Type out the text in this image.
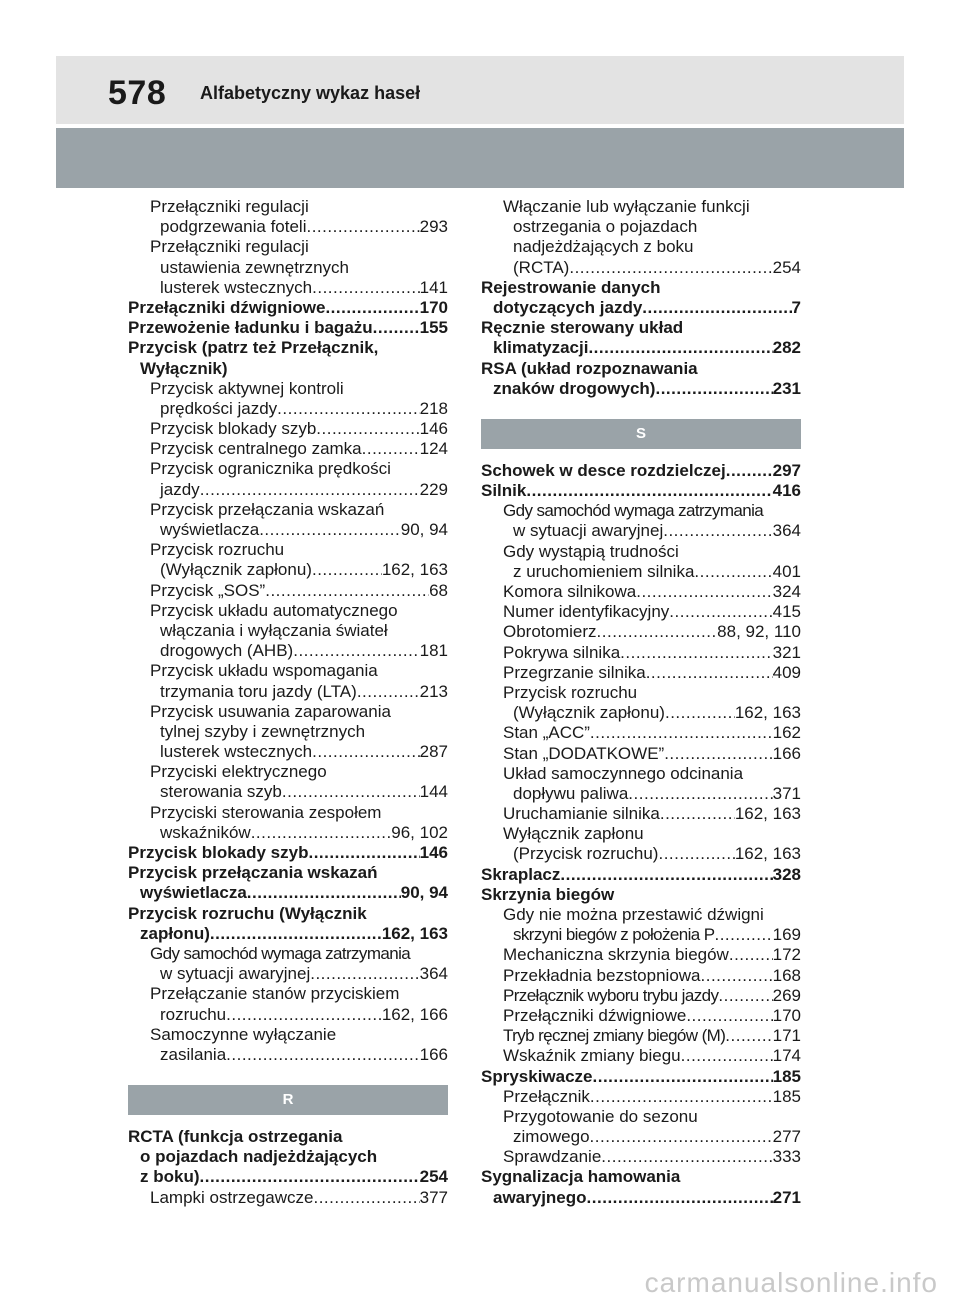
578 Alfabetyczny wykaz haseł
Przełączniki regulacji
podgrzewania foteli .....	293
Przełączniki regulacji
ustawienia zewnętrznych
lusterek wstecznych .....	141
Przełączniki dźwigniowe .....	170
Przewożenie ładunku i bagażu .....	155
Przycisk (patrz też Przełącznik,
Wyłącznik)
Przycisk aktywnej kontroli
prędkości jazdy .....	218
Przycisk blokady szyb .....	146
Przycisk centralnego zamka .....	124
Przycisk ogranicznika prędkości
jazdy .....	229
Przycisk przełączania wskazań
wyświetlacza .....	90, 94
Przycisk rozruchu
(Wyłącznik zapłonu) .....	162, 163
Przycisk „SOS” .....	68
Przycisk układu automatycznego
włączania i wyłączania świateł
drogowych (AHB) .....	181
Przycisk układu wspomagania
trzymania toru jazdy (LTA) .....	213
Przycisk usuwania zaparowania
tylnej szyby i zewnętrznych
lusterek wstecznych .....	287
Przyciski elektrycznego
sterowania szyb .....	144
Przyciski sterowania zespołem
wskaźników .....	96, 102
Przycisk blokady szyb .....	146
Przycisk przełączania wskazań
wyświetlacza .....	90, 94
Przycisk rozruchu (Wyłącznik
zapłonu) .....	162, 163
Gdy samochód wymaga zatrzymania
w sytuacji awaryjnej .....	364
Przełączanie stanów przyciskiem
rozruchu .....	162, 166
Samoczynne wyłączanie
zasilania .....	166
R
RCTA (funkcja ostrzegania
o pojazdach nadjeżdżających
z boku) .....	254
Lampki ostrzegawcze .....	377
Włączanie lub wyłączanie funkcji
ostrzegania o pojazdach
nadjeżdżających z boku
(RCTA) .....	254
Rejestrowanie danych
dotyczących jazdy .....	7
Ręcznie sterowany układ
klimatyzacji .....	282
RSA (układ rozpoznawania
znaków drogowych) .....	231
S
Schowek w desce rozdzielczej .....	297
Silnik .....	416
Gdy samochód wymaga zatrzymania
w sytuacji awaryjnej .....	364
Gdy wystąpią trudności
z uruchomieniem silnika .....	401
Komora silnikowa .....	324
Numer identyfikacyjny .....	415
Obrotomierz .....	88, 92, 110
Pokrywa silnika .....	321
Przegrzanie silnika .....	409
Przycisk rozruchu
(Wyłącznik zapłonu) .....	162, 163
Stan „ACC” .....	162
Stan „DODATKOWE” .....	166
Układ samoczynnego odcinania
dopływu paliwa .....	371
Uruchamianie silnika .....	162, 163
Wyłącznik zapłonu
(Przycisk rozruchu) .....	162, 163
Skraplacz .....	328
Skrzynia biegów
Gdy nie można przestawić dźwigni
skrzyni biegów z położenia P .....	169
Mechaniczna skrzynia biegów .....	172
Przekładnia bezstopniowa .....	168
Przełącznik wyboru trybu jazdy .....	269
Przełączniki dźwigniowe .....	170
Tryb ręcznej zmiany biegów (M) .....	171
Wskaźnik zmiany biegu .....	174
Spryskiwacze .....	185
Przełącznik .....	185
Przygotowanie do sezonu
zimowego .....	277
Sprawdzanie .....	333
Sygnalizacja hamowania
awaryjnego .....	271
carmanualsonline.info
